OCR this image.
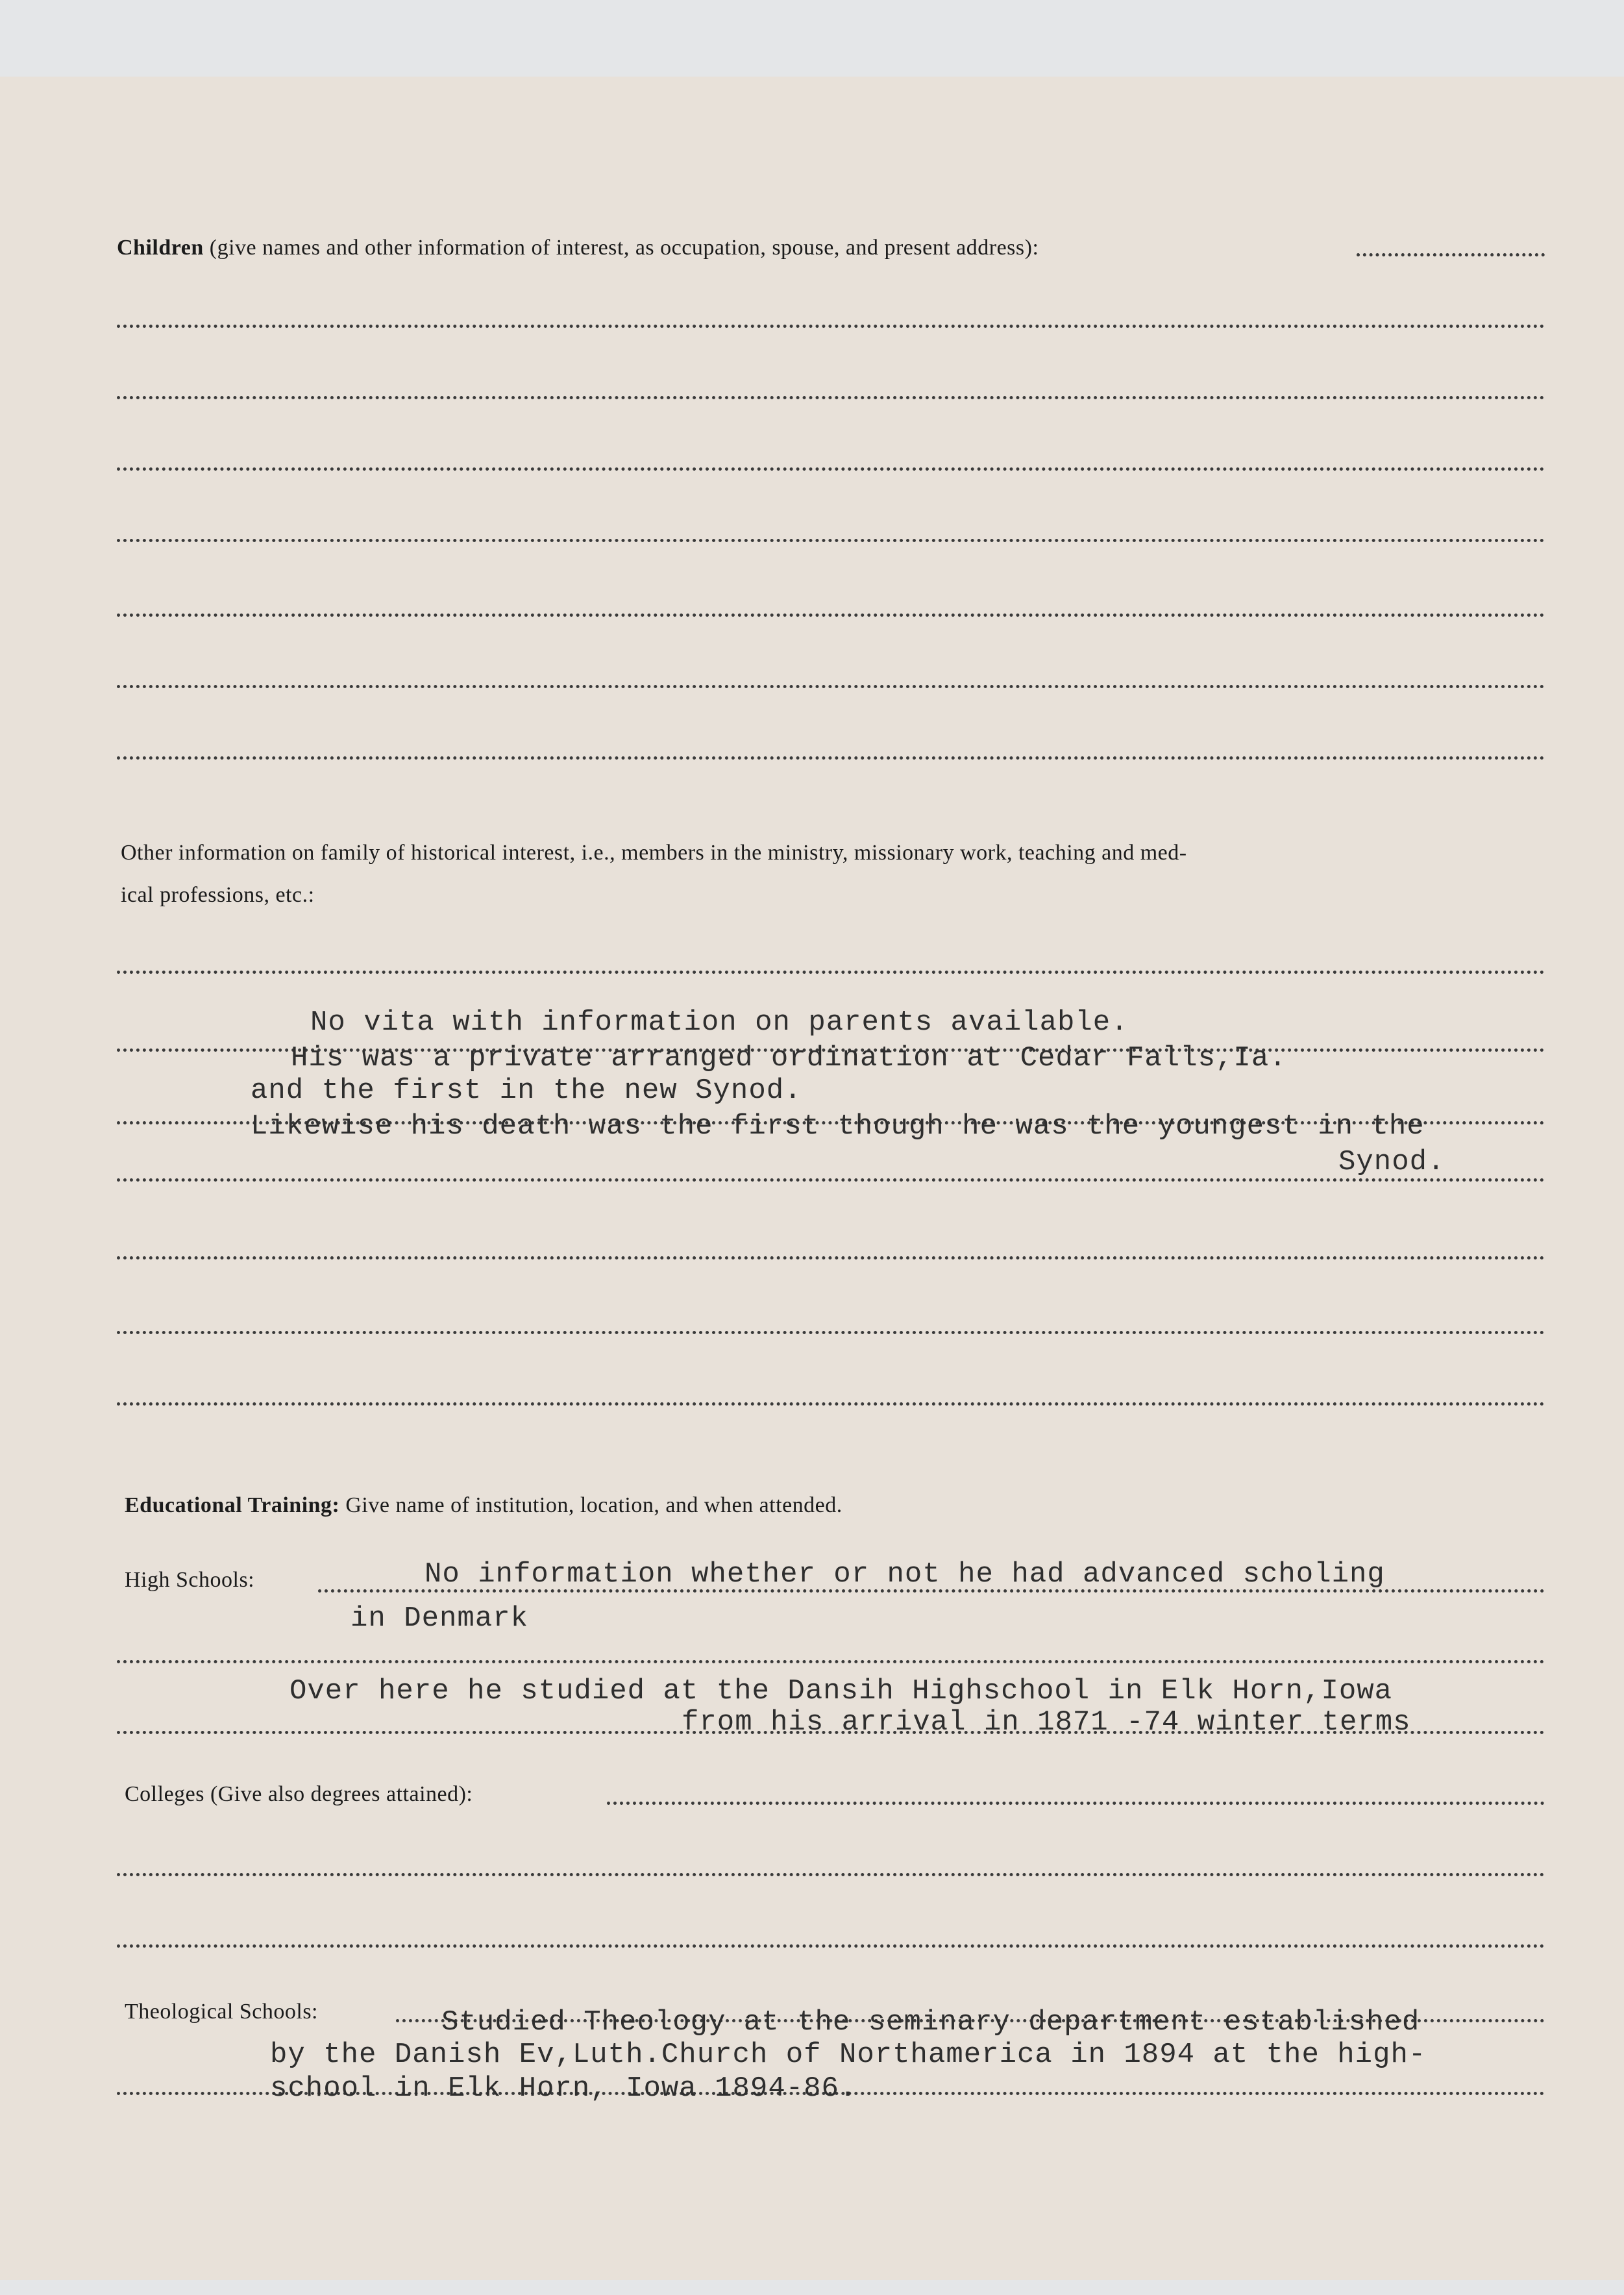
Children (give names and other information of interest, as occupation, spouse, and present address):
Other information on family of historical interest, i.e., members in the ministry, missionary work, teaching and med-
ical professions, etc.:
No vita with information on parents available.
His was a private arranged ordination at Cedar Falls,Ia.
and the first in the new Synod.
Likewise his death was the first though he was the youngest in the
Synod.
Educational Training: Give name of institution, location, and when attended.
High Schools:	No information whether or not he had advanced scholing
in Denmark
Over here he studied at the Dansih Highschool in Elk Horn,Iowa
from his arrival in 1871 -74 winter terms
Colleges (Give also degrees attained):
Theological Schools:	Studied Theology at the seminary department established
by the Danish Ev,Luth.Church of Northamerica in 1894 at the high-
school in Elk Horn, Iowa 1894-86.
